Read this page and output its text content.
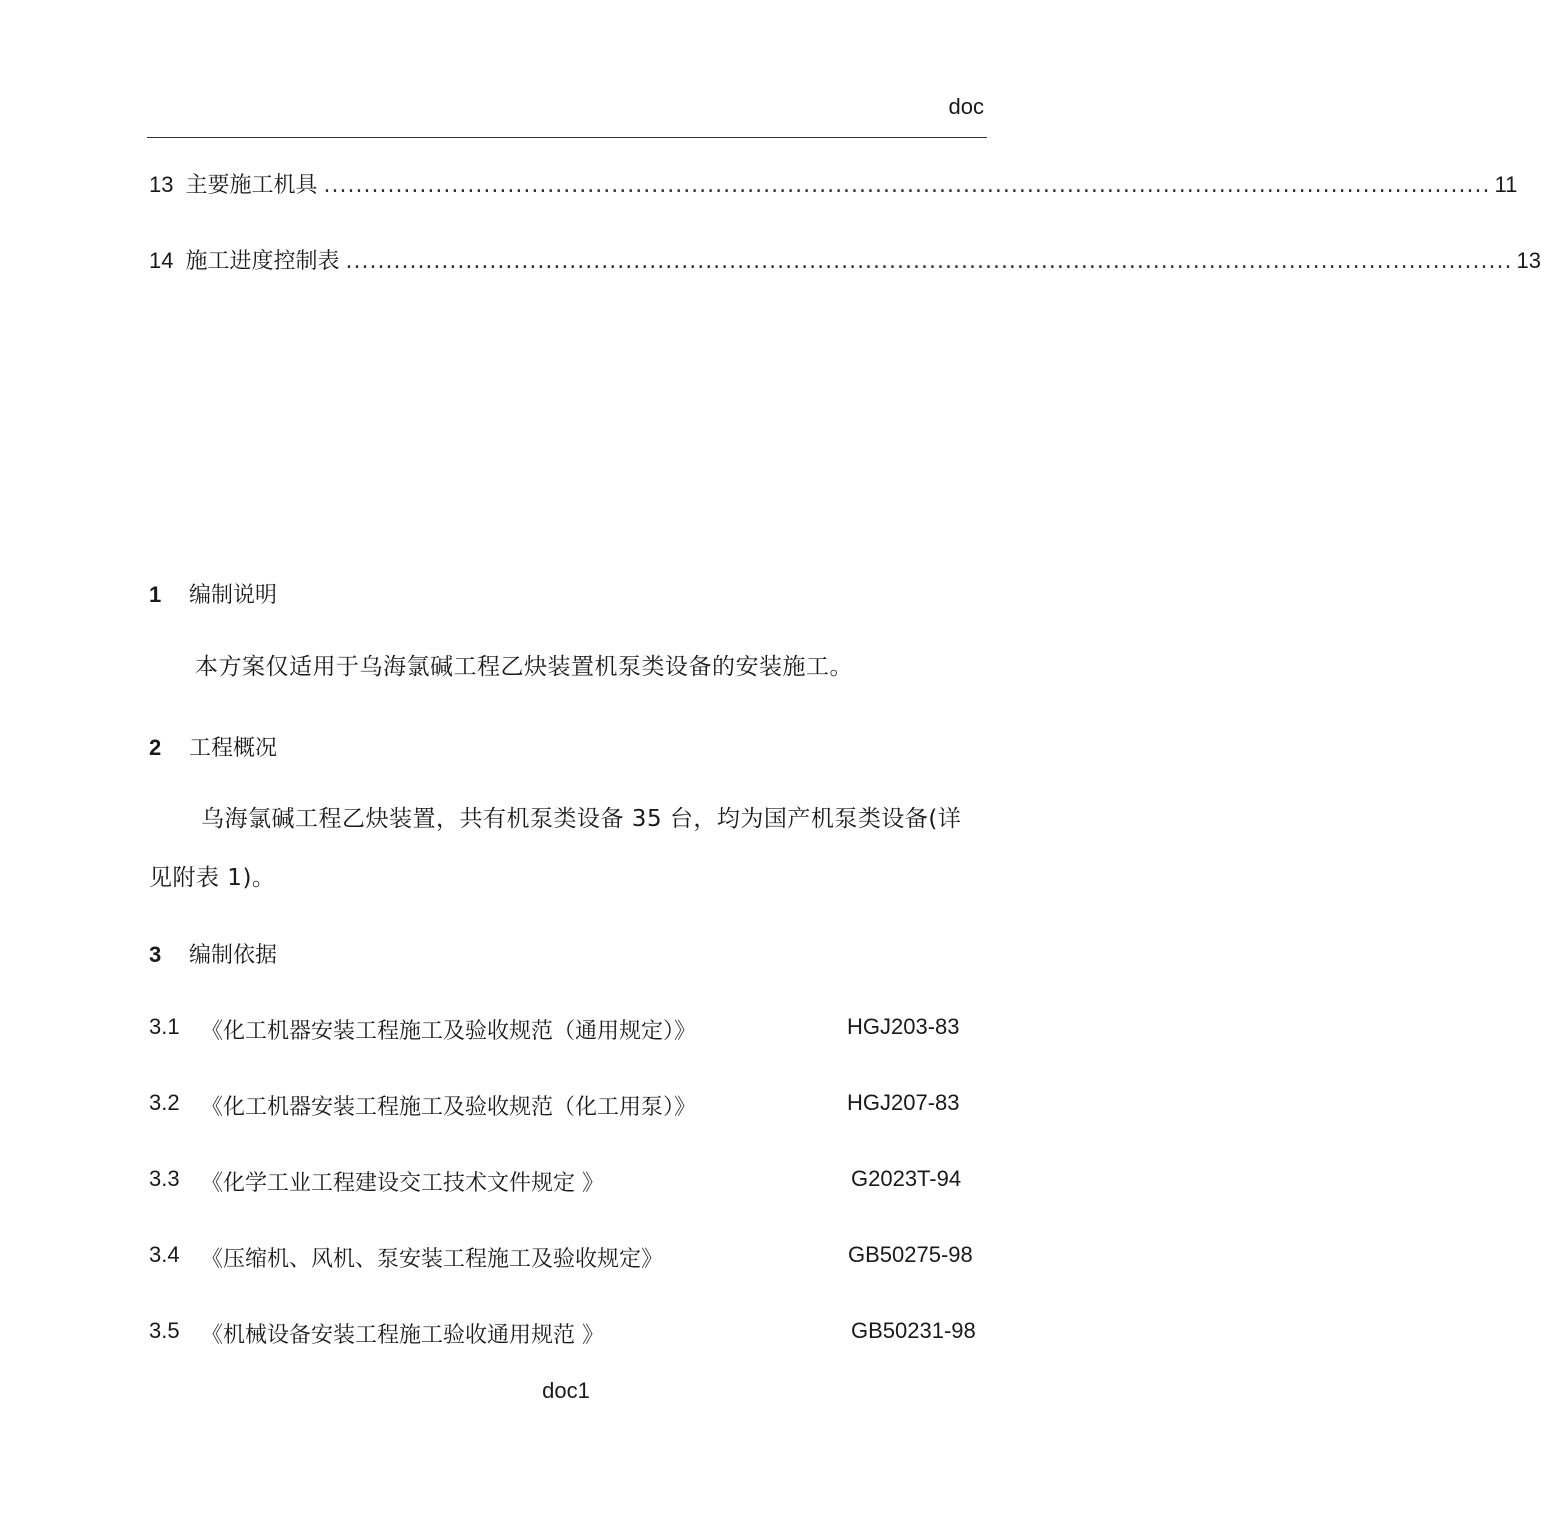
doc
13 主要施工机具 .................................................................................................................................................. 11
14 施工进度控制表 .................................................................................................................................................. 13
1	编制说明
本方案仅适用于乌海氯碱工程乙炔装置机泵类设备的安装施工。
2	工程概况
乌海氯碱工程乙炔装置，共有机泵类设备 35 台，均为国产机泵类设备(详
见附表 1)。
3	编制依据
3.1 《化工机器安装工程施工及验收规范（通用规定）》	HGJ203-83
3.2 《化工机器安装工程施工及验收规范（化工用泵）》	HGJ207-83
3.3 《化学工业工程建设交工技术文件规定 》	G2023T-94
3.4 《压缩机、风机、泵安装工程施工及验收规定》	GB50275-98
3.5 《机械设备安装工程施工验收通用规范 》	GB50231-98
doc1
